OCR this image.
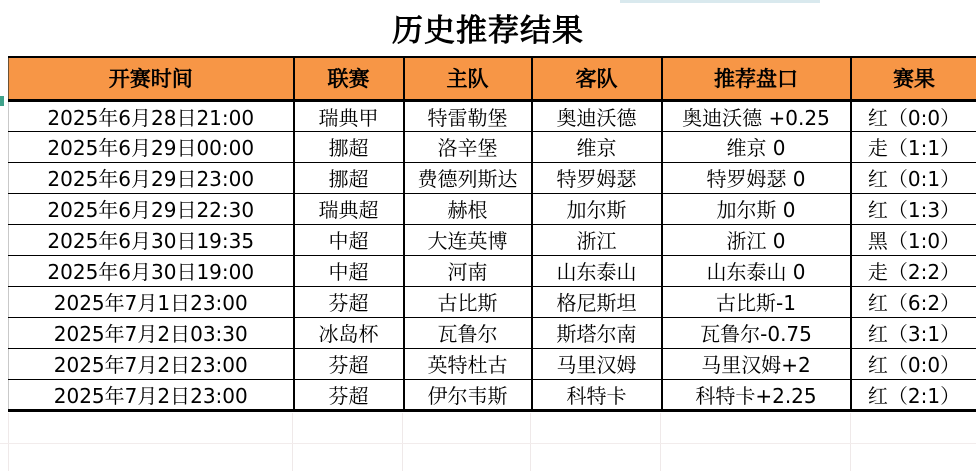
历史推荐结果
开赛时间	联赛	主队	客队	推荐盘口	赛果
2025年6月28日21:00	瑞典甲	特雷勒堡	奥迪沃德	奥迪沃德 +0.25	红（0:0）
2025年6月29日00:00	挪超	洛辛堡	维京	维京 0	走（1:1）
2025年6月29日23:00	挪超	费德列斯达	特罗姆瑟	特罗姆瑟 0	红（0:1）
2025年6月29日22:30	瑞典超	赫根	加尔斯	加尔斯 0	红（1:3）
2025年6月30日19:35	中超	大连英博	浙江	浙江 0	黑（1:0）
2025年6月30日19:00	中超	河南	山东泰山	山东泰山 0	走（2:2）
2025年7月1日23:00	芬超	古比斯	格尼斯坦	古比斯-1	红（6:2）
2025年7月2日03:30	冰岛杯	瓦鲁尔	斯塔尔南	瓦鲁尔-0.75	红（3:1）
2025年7月2日23:00	芬超	英特杜古	马里汉姆	马里汉姆+2	红（0:0）
2025年7月2日23:00	芬超	伊尔韦斯	科特卡	科特卡+2.25	红（2:1）
